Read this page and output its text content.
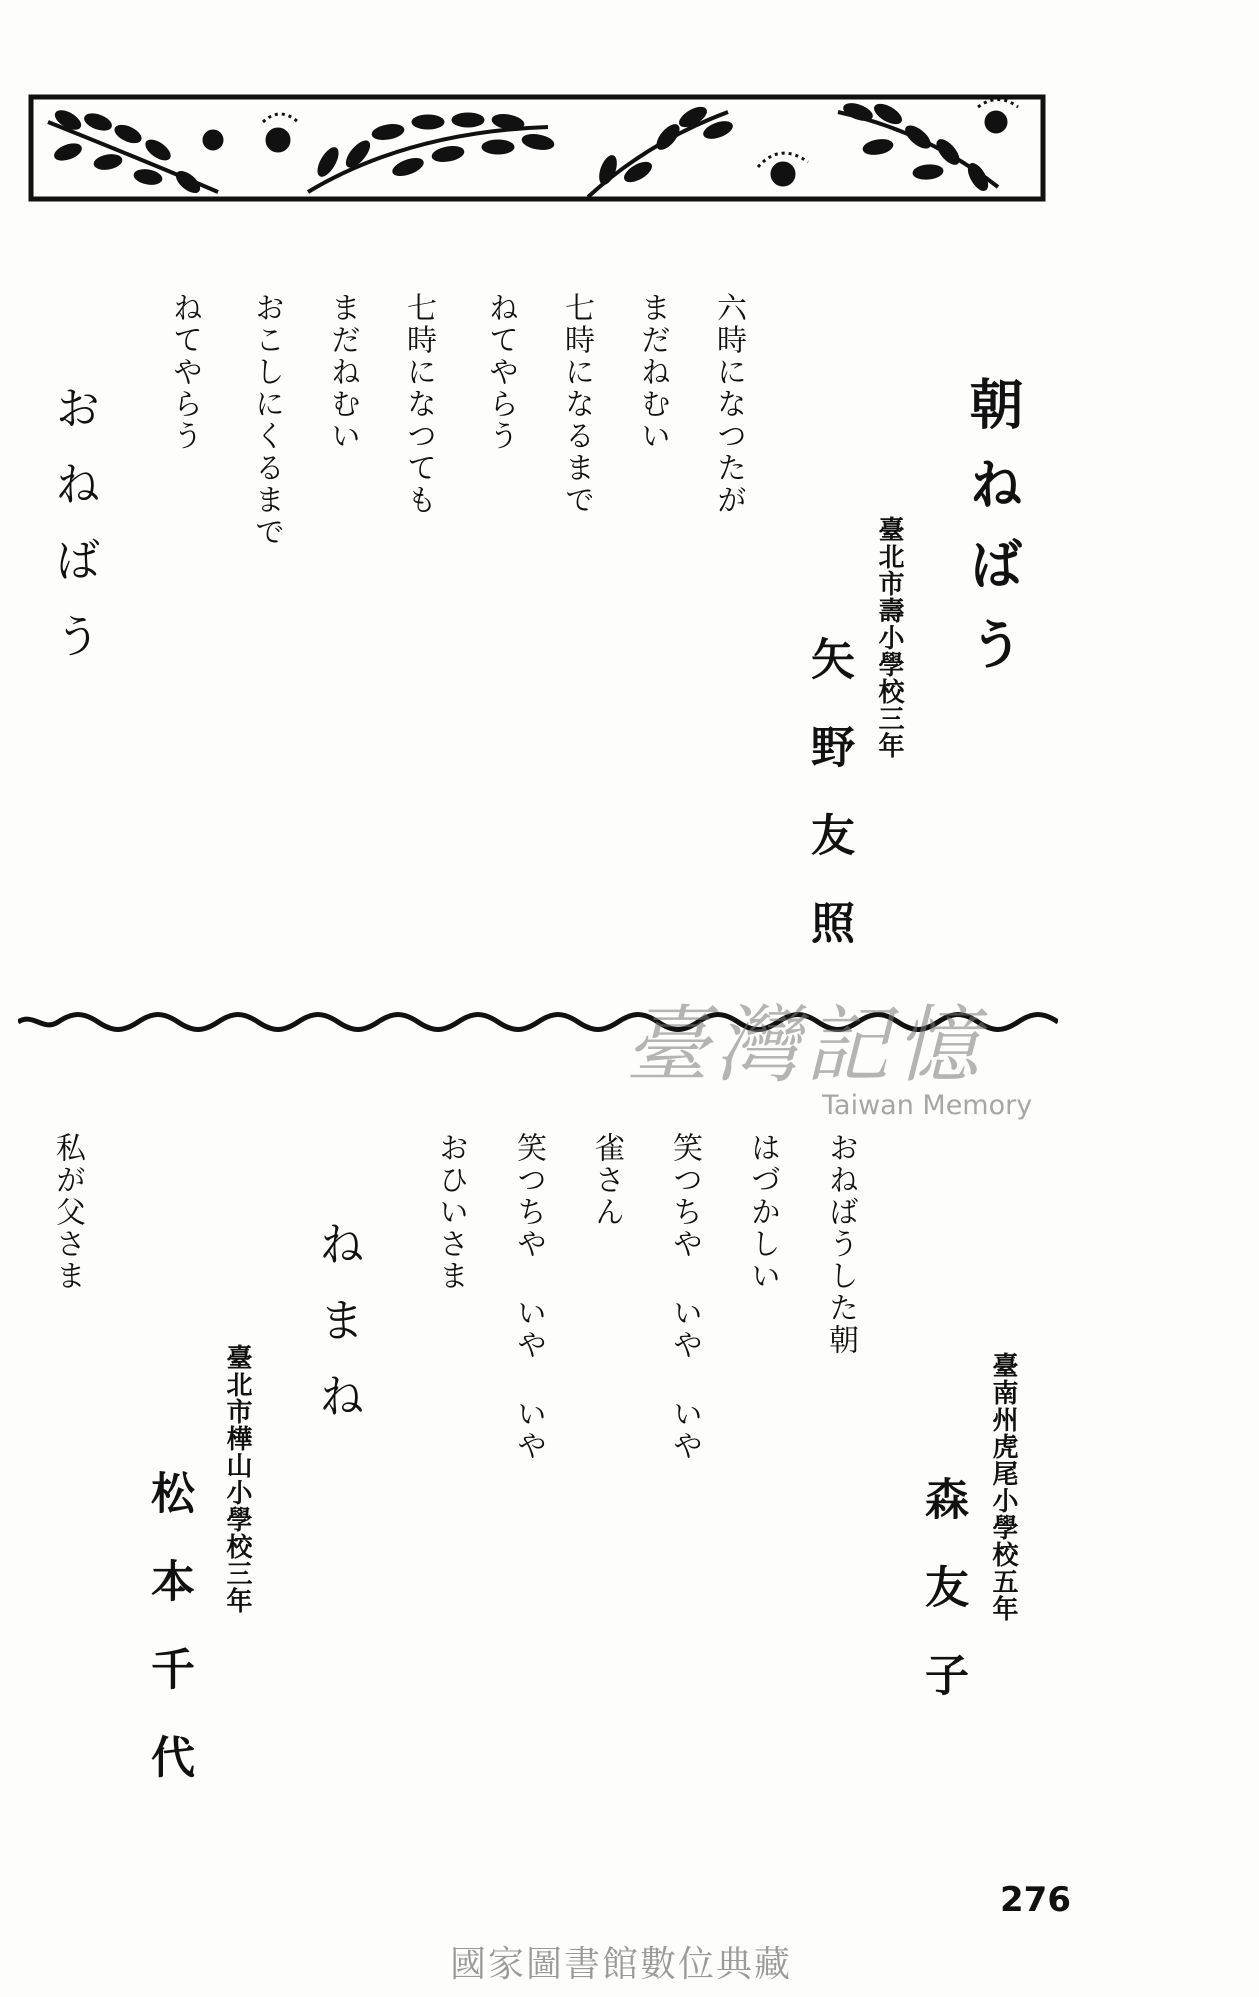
朝ねばう
臺北市壽小學校三年
矢野友照
六時になつたが
まだねむい
七時になるまで
ねてやらう
七時になつても
まだねむい
おこしにくるまで
ねてやらう
おねばう
臺灣記憶
Taiwan Memory
臺南州虎尾小學校五年
森友子
おねばうした朝
はづかしい
笑つちや いや いや
雀さん
笑つちや いや いや
おひいさま
ねまね
臺北市樺山小學校三年
松本千代
私が父さま
276
國家圖書館數位典藏
